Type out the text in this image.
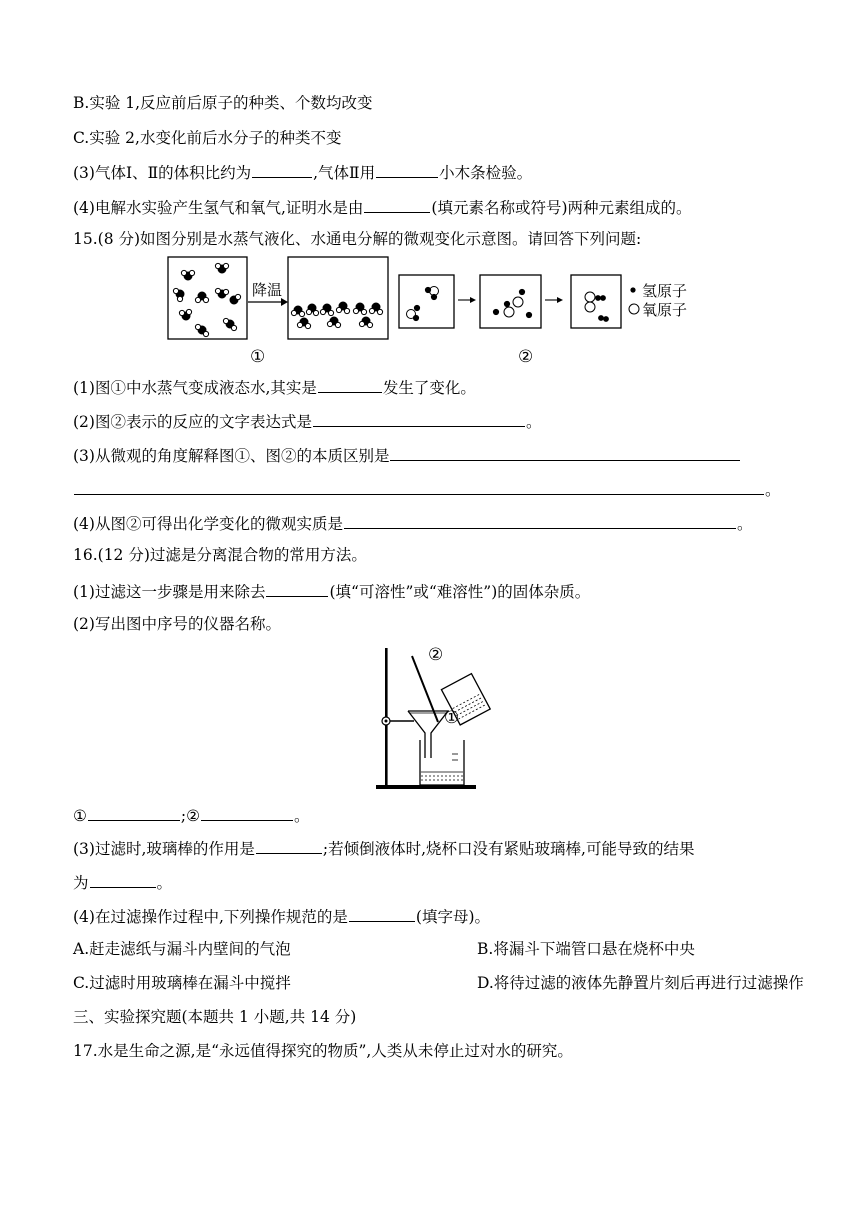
B.实验 1,反应前后原子的种类、个数均改变
C.实验 2,水变化前后水分子的种类不变
(3)气体Ⅰ、Ⅱ的体积比约为	,气体Ⅱ用	小木条检验。
(4)电解水实验产生氢气和氧气,证明水是由	(填元素名称或符号)两种元素组成的。
15.(8 分)如图分别是水蒸气液化、水通电分解的微观变化示意图。请回答下列问题:
降温
①
氢原子
氧原子
②
(1)图①中水蒸气变成液态水,其实是	发生了变化。
(2)图②表示的反应的文字表达式是	。
(3)从微观的角度解释图①、图②的本质区别是
。
(4)从图②可得出化学变化的微观实质是	。
16.(12 分)过滤是分离混合物的常用方法。
(1)过滤这一步骤是用来除去	(填“可溶性”或“难溶性”)的固体杂质。
(2)写出图中序号的仪器名称。
②
①
①	;②	。
(3)过滤时,玻璃棒的作用是	;若倾倒液体时,烧杯口没有紧贴玻璃棒,可能导致的结果
为	。
(4)在过滤操作过程中,下列操作规范的是	(填字母)。
A.赶走滤纸与漏斗内壁间的气泡	B.将漏斗下端管口悬在烧杯中央
C.过滤时用玻璃棒在漏斗中搅拌	D.将待过滤的液体先静置片刻后再进行过滤操作
三、实验探究题(本题共 1 小题,共 14 分)
17.水是生命之源,是“永远值得探究的物质”,人类从未停止过对水的研究。
